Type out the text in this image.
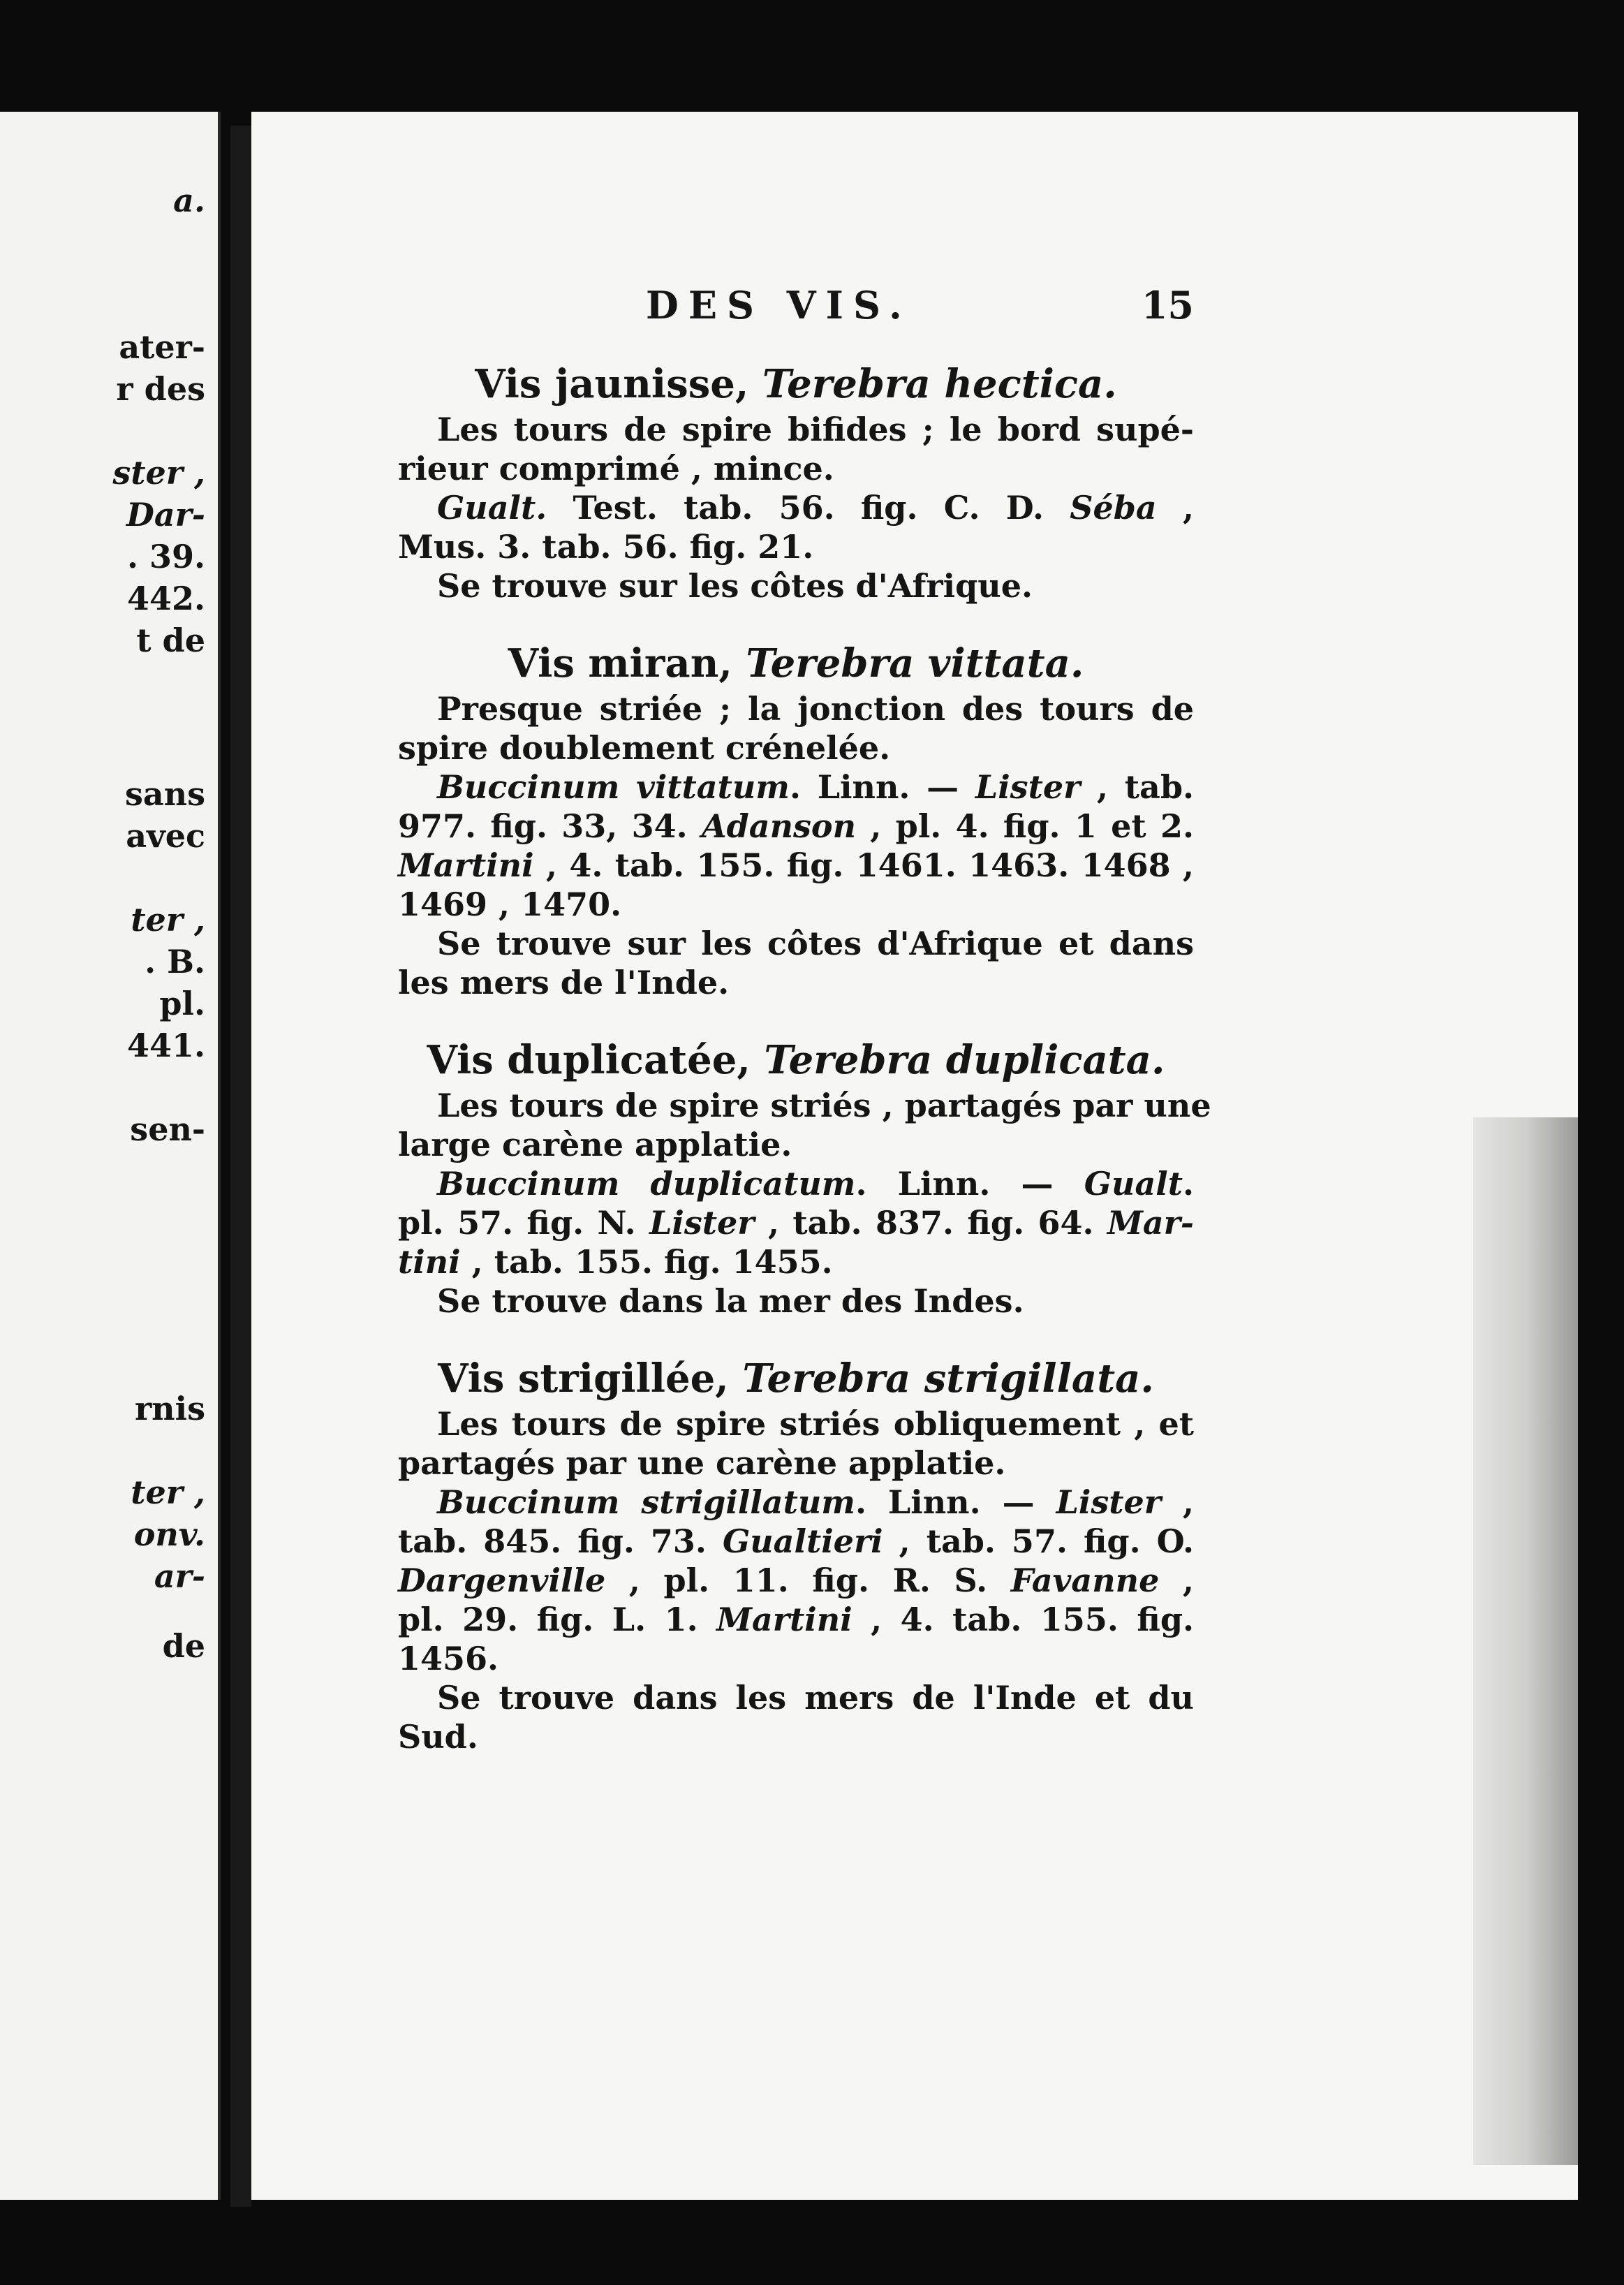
a.
ater-
r des
ster ,
Dar-
. 39.
442.
t de
sans
avec
ter ,
. B.
pl.
441.
sen-
rnis
ter ,
onv.
ar-
de
DES VIS.	15
Vis jaunisse, Terebra hectica.
Les tours de spire bifides ; le bord supé-
rieur comprimé , mince.
Gualt. Test. tab. 56. fig. C. D. Séba ,
Mus. 3. tab. 56. fig. 21.
Se trouve sur les côtes d'Afrique.
Vis miran, Terebra vittata.
Presque striée ; la jonction des tours de
spire doublement crénelée.
Buccinum vittatum. Linn. — Lister , tab.
977. fig. 33, 34. Adanson , pl. 4. fig. 1 et 2.
Martini , 4. tab. 155. fig. 1461. 1463. 1468 ,
1469 , 1470.
Se trouve sur les côtes d'Afrique et dans
les mers de l'Inde.
Vis duplicatée, Terebra duplicata.
Les tours de spire striés , partagés par une
large carène applatie.
Buccinum duplicatum. Linn. — Gualt.
pl. 57. fig. N. Lister , tab. 837. fig. 64. Mar-
tini , tab. 155. fig. 1455.
Se trouve dans la mer des Indes.
Vis strigillée, Terebra strigillata.
Les tours de spire striés obliquement , et
partagés par une carène applatie.
Buccinum strigillatum. Linn. — Lister ,
tab. 845. fig. 73. Gualtieri , tab. 57. fig. O.
Dargenville , pl. 11. fig. R. S. Favanne ,
pl. 29. fig. L. 1. Martini , 4. tab. 155. fig.
1456.
Se trouve dans les mers de l'Inde et du
Sud.
